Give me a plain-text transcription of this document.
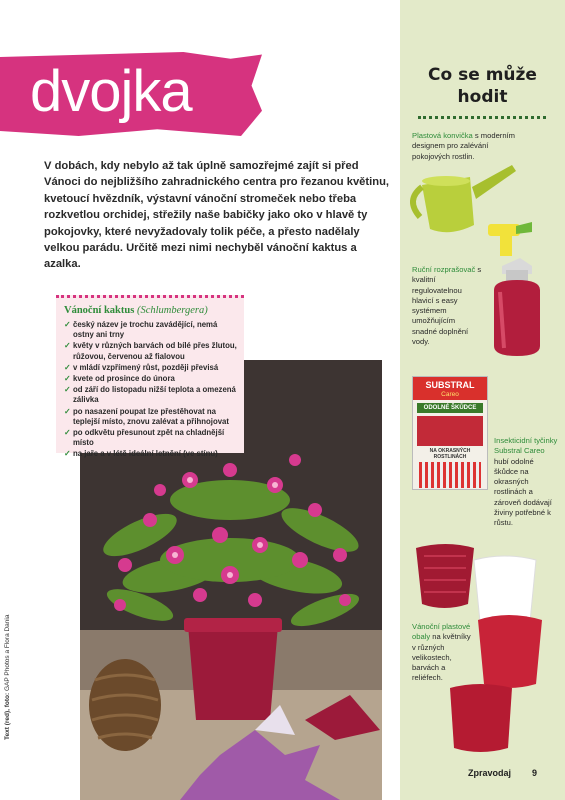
dvojka
V dobách, kdy nebylo až tak úplně samozřejmé zajít si před Vánoci do nejbližšího zahradnického centra pro řezanou květinu, kvetoucí hvězdník, výstavní vánoční stromeček nebo třeba rozkvetlou orchidej, střežily naše babičky jako oko v hlavě ty pokojovky, které nevyžadovaly tolik péče, a přesto nadělaly velkou parádu. Určitě mezi nimi nechyběl vánoční kaktus a azalka.
Vánoční kaktus (Schlumbergera)
✓ český název je trochu zavádějící, nemá ostny ani trny
✓ květy v různých barvách od bílé přes žlutou, růžovou, červenou až fialovou
✓ v mládí vzpřímený růst, později převisá
✓ kvete od prosince do února
✓ od září do listopadu nižší teplota a omezená zálivka
✓ po nasazení poupat lze přestěhovat na teplejší místo, znovu zalévat a přihnojovat
✓ po odkvětu přesunout zpět na chladnější místo
✓ na jaře a v létě ideální letnění (ve stínu)
Text (red), foto: GAP Photos a Flora Dania
Co se může
hodit
Plastová konvička s moderním designem pro zalévání pokojových rostlin.
Ruční rozprašovač s kvalitní regulovatelnou hlavicí s easy systémem umožňujícím snadné doplnění vody.
SUBSTRAL
Careo
ODOLNÉ ŠKŮDCE
NA OKRASNÝCH ROSTLINÁCH
Insekticidní tyčinky Substral Careo hubí odolné škůdce na okrasných rostlinách a zároveň dodávají živiny potřebné k růstu.
Vánoční plastové obaly na květníky v různých velikostech, barvách a reliéfech.
Zpravodaj 9
